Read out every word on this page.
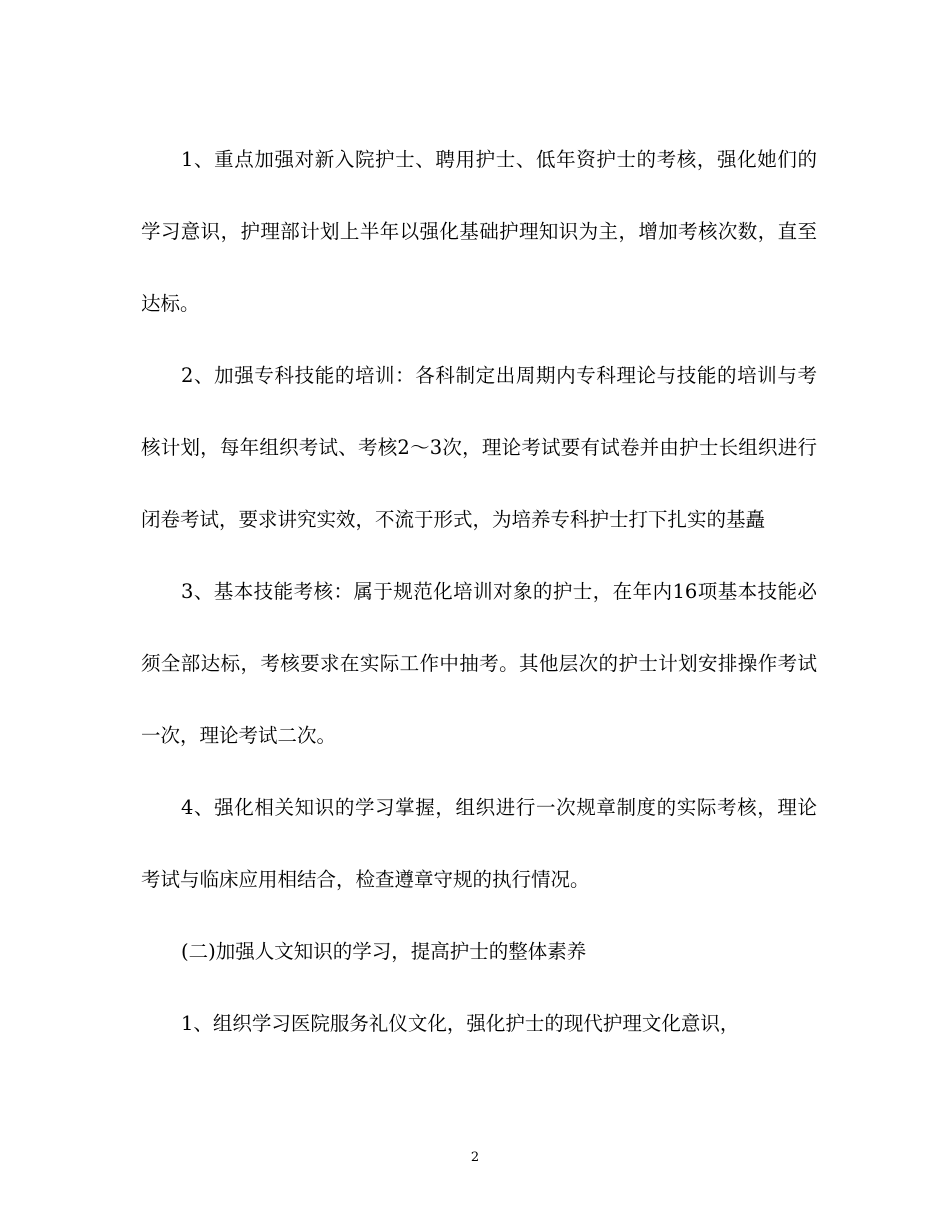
1、重点加强对新入院护士、聘用护士、低年资护士的考核，强化她们的学习意识，护理部计划上半年以强化基础护理知识为主，增加考核次数，直至达标。

2、加强专科技能的培训：各科制定出周期内专科理论与技能的培训与考核计划，每年组织考试、考核2～3次，理论考试要有试卷并由护士长组织进行闭卷考试，要求讲究实效，不流于形式，为培养专科护士打下扎实的基矗

3、基本技能考核：属于规范化培训对象的护士，在年内16项基本技能必须全部达标，考核要求在实际工作中抽考。其他层次的护士计划安排操作考试一次，理论考试二次。

4、强化相关知识的学习掌握，组织进行一次规章制度的实际考核，理论考试与临床应用相结合，检查遵章守规的执行情况。

(二)加强人文知识的学习，提高护士的整体素养

1、组织学习医院服务礼仪文化，强化护士的现代护理文化意识，

2
